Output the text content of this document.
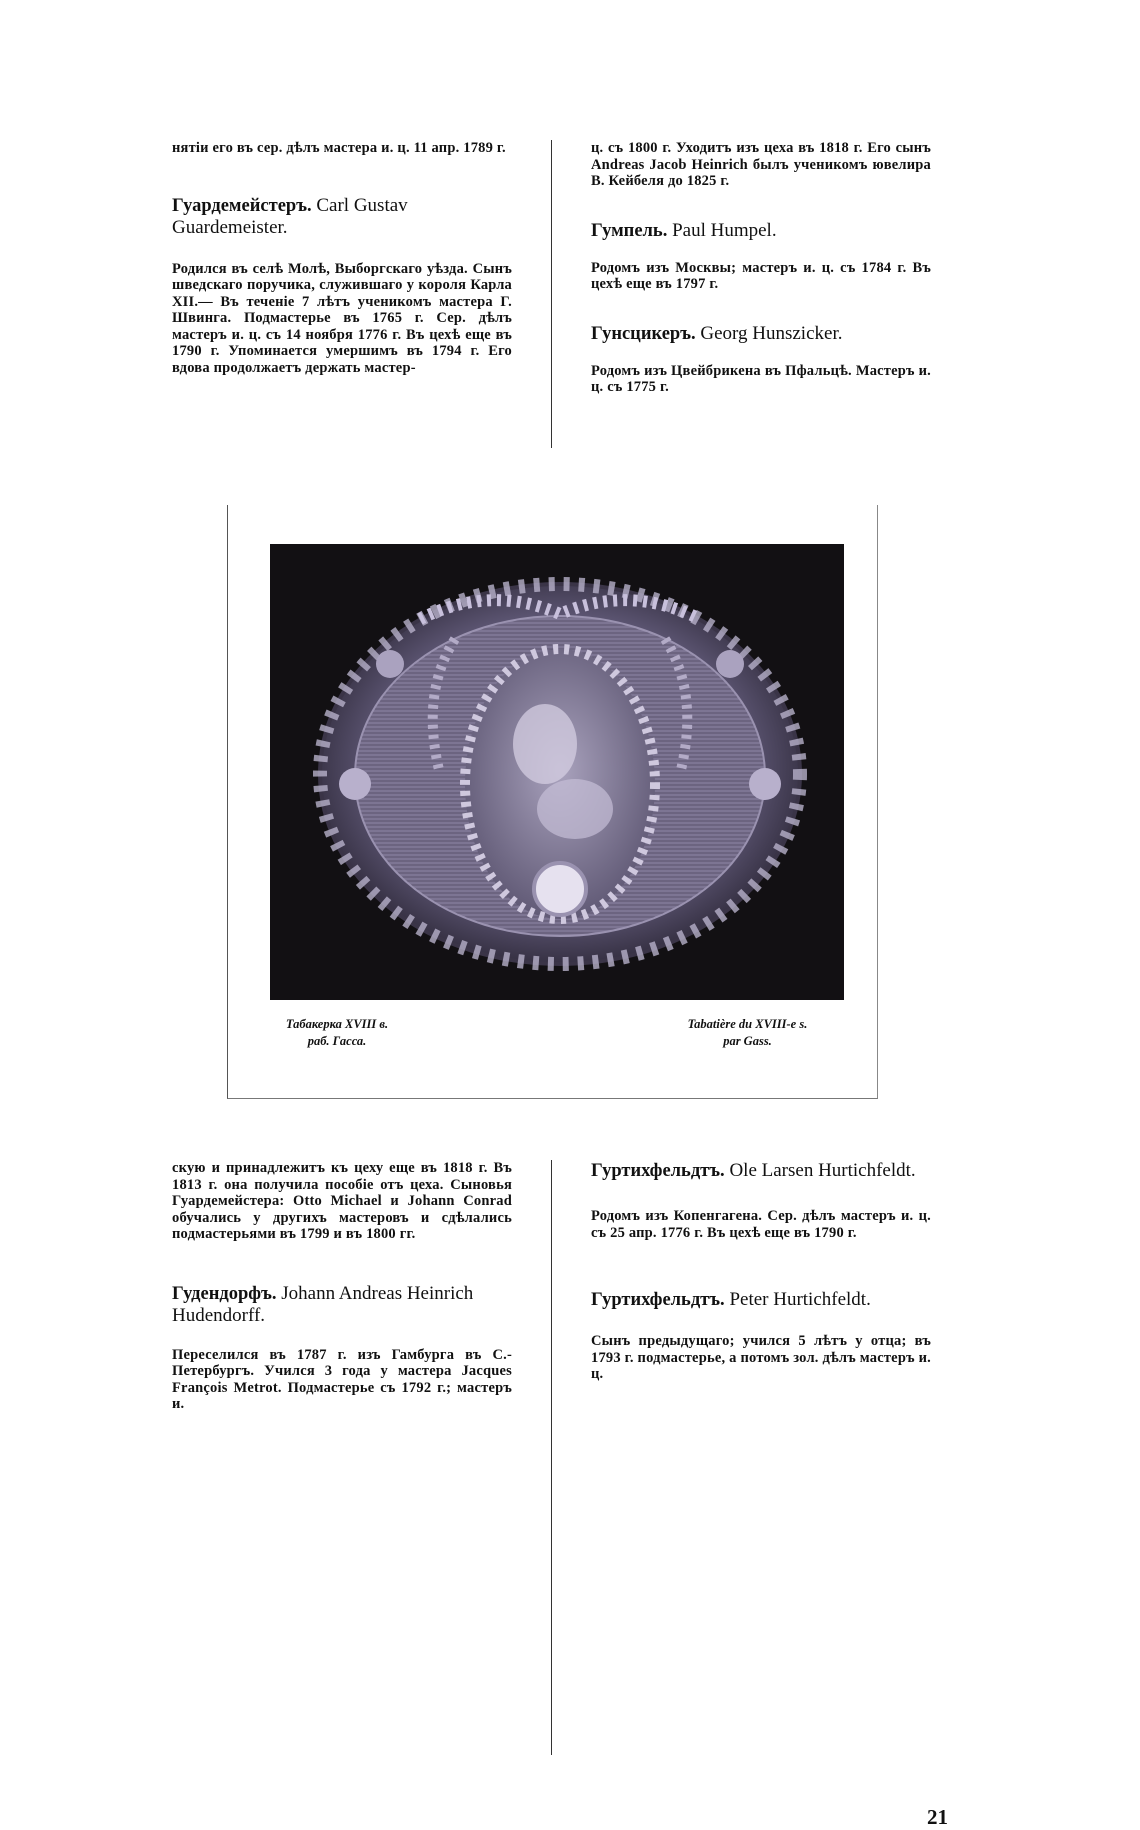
нятіи его въ сер. дѣлъ мастера и. ц. 11 апр. 1789 г.

Гуардемейстеръ. Carl Gustav Guardemeister.

Родился въ селѣ Молѣ, Выборгскаго уѣзда. Сынъ шведскаго поручика, служившаго у короля Карла XII.— Въ теченіе 7 лѣтъ ученикомъ мастера Г. Швинга. Подмастерье въ 1765 г. Сер. дѣлъ мастеръ и. ц. съ 14 ноября 1776 г. Въ цехѣ еще въ 1790 г. Упоминается умершимъ въ 1794 г. Его вдова продолжаетъ держать мастер-

ц. съ 1800 г. Уходитъ изъ цеха въ 1818 г. Его сынъ Andreas Jacob Heinrich былъ ученикомъ ювелира В. Кейбеля до 1825 г.

Гумпель. Paul Humpel.

Родомъ изъ Москвы; мастеръ и. ц. съ 1784 г. Въ цехѣ еще въ 1797 г.

Гунсцикеръ. Georg Hunszicker.

Родомъ изъ Цвейбрикена въ Пфальцѣ. Мастеръ и. ц. съ 1775 г.

Табакерка XVIII в.
раб. Гасса.
Tabatière du XVIII-e s.
par Gass.

скую и принадлежитъ къ цеху еще въ 1818 г. Въ 1813 г. она получила пособіе отъ цеха. Сыновья Гуардемейстера: Otto Michael и Johann Conrad обучались у другихъ мастеровъ и сдѣлались подмастерьями въ 1799 и въ 1800 гг.

Гудендорфъ. Johann Andreas Heinrich Hudendorff.

Переселился въ 1787 г. изъ Гамбурга въ С.-Петербургъ. Учился 3 года у мастера Jacques François Metrot. Подмастерье съ 1792 г.; мастеръ и.

Гуртихфельдтъ. Ole Larsen Hurtichfeldt.

Родомъ изъ Копенгагена. Сер. дѣлъ мастеръ и. ц. съ 25 апр. 1776 г. Въ цехѣ еще въ 1790 г.

Гуртихфельдтъ. Peter Hurtichfeldt.

Сынъ предыдущаго; учился 5 лѣтъ у отца; въ 1793 г. подмастерье, а потомъ зол. дѣлъ мастеръ и. ц.

21
